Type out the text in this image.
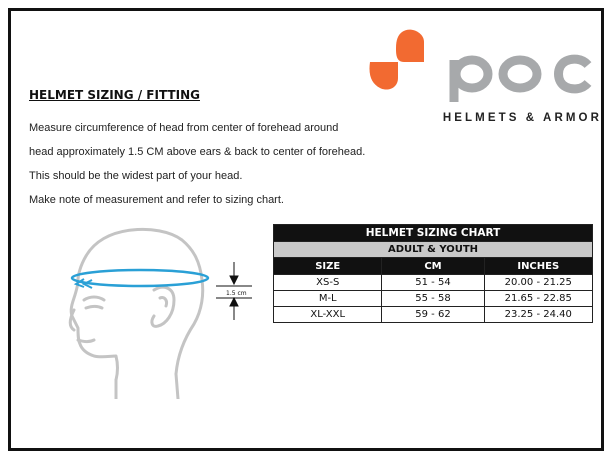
HELMETS & ARMOR
HELMET SIZING / FITTING
Measure circumference of head from center of forehead around
head approximately 1.5 CM above ears & back to center of forehead.
This should be the widest part of your head.
Make note of measurement and refer to sizing chart.
1.5 cm
HELMET SIZING CHART		
ADULT & YOUTH		
SIZE	CM	INCHES
XS-S	51 - 54	20.00 - 21.25
M-L	55 - 58	21.65 - 22.85
XL-XXL	59 - 62	23.25 - 24.40
